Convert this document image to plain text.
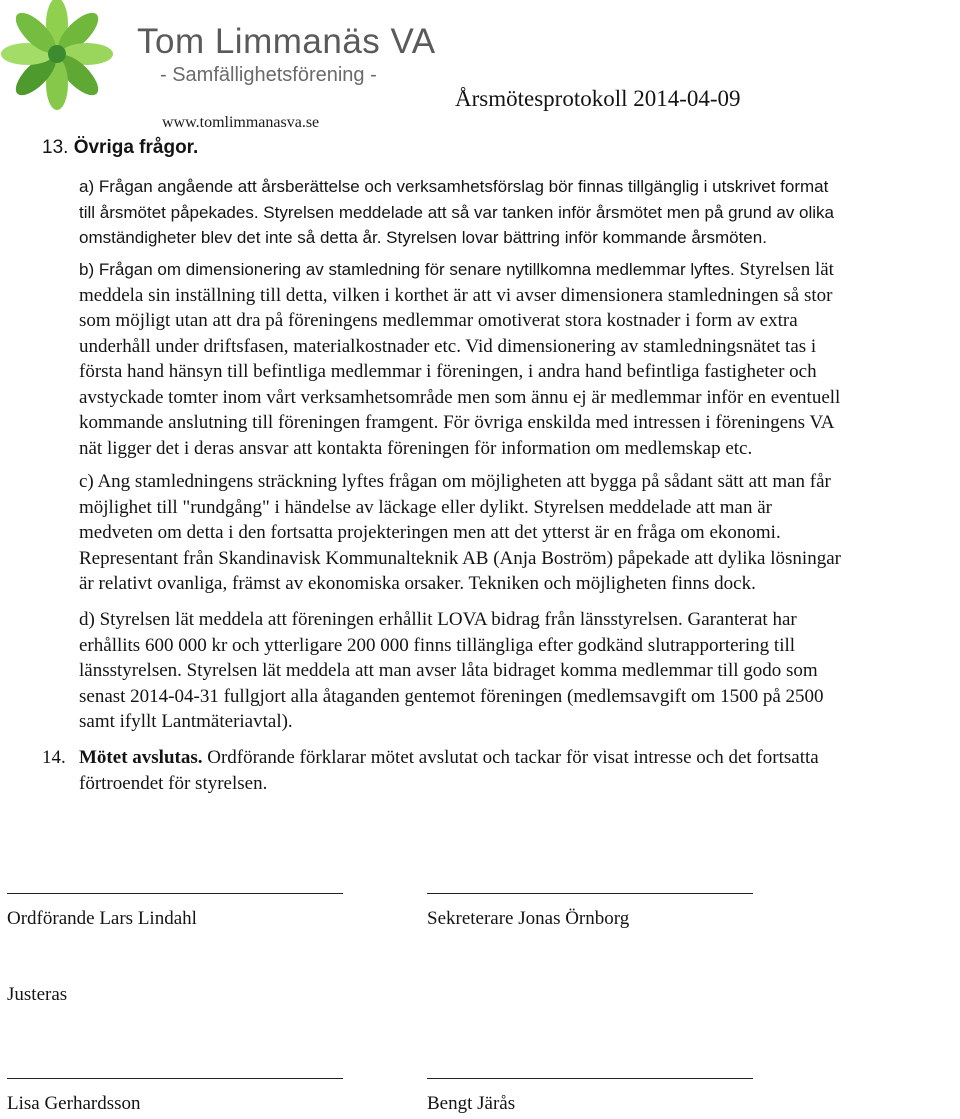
Tom Limmanäs VA
- Samfällighetsförening -
www.tomlimmanasva.se
Årsmötesprotokoll 2014-04-09
13. Övriga frågor.
a) Frågan angående att årsberättelse och verksamhetsförslag bör finnas tillgänglig i utskrivet format
till årsmötet påpekades. Styrelsen meddelade att så var tanken inför årsmötet men på grund av olika
omständigheter blev det inte så detta år. Styrelsen lovar bättring inför kommande årsmöten.
b) Frågan om dimensionering av stamledning för senare nytillkomna medlemmar lyftes. Styrelsen lät
meddela sin inställning till detta, vilken i korthet är att vi avser dimensionera stamledningen så stor
som möjligt utan att dra på föreningens medlemmar omotiverat stora kostnader i form av extra
underhåll under driftsfasen, materialkostnader etc. Vid dimensionering av stamledningsnätet tas i
första hand hänsyn till befintliga medlemmar i föreningen, i andra hand befintliga fastigheter och
avstyckade tomter inom vårt verksamhetsområde men som ännu ej är medlemmar inför en eventuell
kommande anslutning till föreningen framgent. För övriga enskilda med intressen i föreningens VA
nät ligger det i deras ansvar att kontakta föreningen för information om medlemskap etc.
c) Ang stamledningens sträckning lyftes frågan om möjligheten att bygga på sådant sätt att man får
möjlighet till "rundgång" i händelse av läckage eller dylikt. Styrelsen meddelade att man är
medveten om detta i den fortsatta projekteringen men att det ytterst är en fråga om ekonomi.
Representant från Skandinavisk Kommunalteknik AB (Anja Boström) påpekade att dylika lösningar
är relativt ovanliga, främst av ekonomiska orsaker. Tekniken och möjligheten finns dock.
d) Styrelsen lät meddela att föreningen erhållit LOVA bidrag från länsstyrelsen. Garanterat har
erhållits 600 000 kr och ytterligare 200 000 finns tillängliga efter godkänd slutrapportering till
länsstyrelsen. Styrelsen lät meddela att man avser låta bidraget komma medlemmar till godo som
senast 2014-04-31 fullgjort alla åtaganden gentemot föreningen (medlemsavgift om 1500 på 2500
samt ifyllt Lantmäteriavtal).
14. Mötet avslutas. Ordförande förklarar mötet avslutat och tackar för visat intresse och det fortsatta
förtroendet för styrelsen.
Ordförande Lars Lindahl	Sekreterare Jonas Örnborg
Justeras
Lisa Gerhardsson	Bengt Järås
